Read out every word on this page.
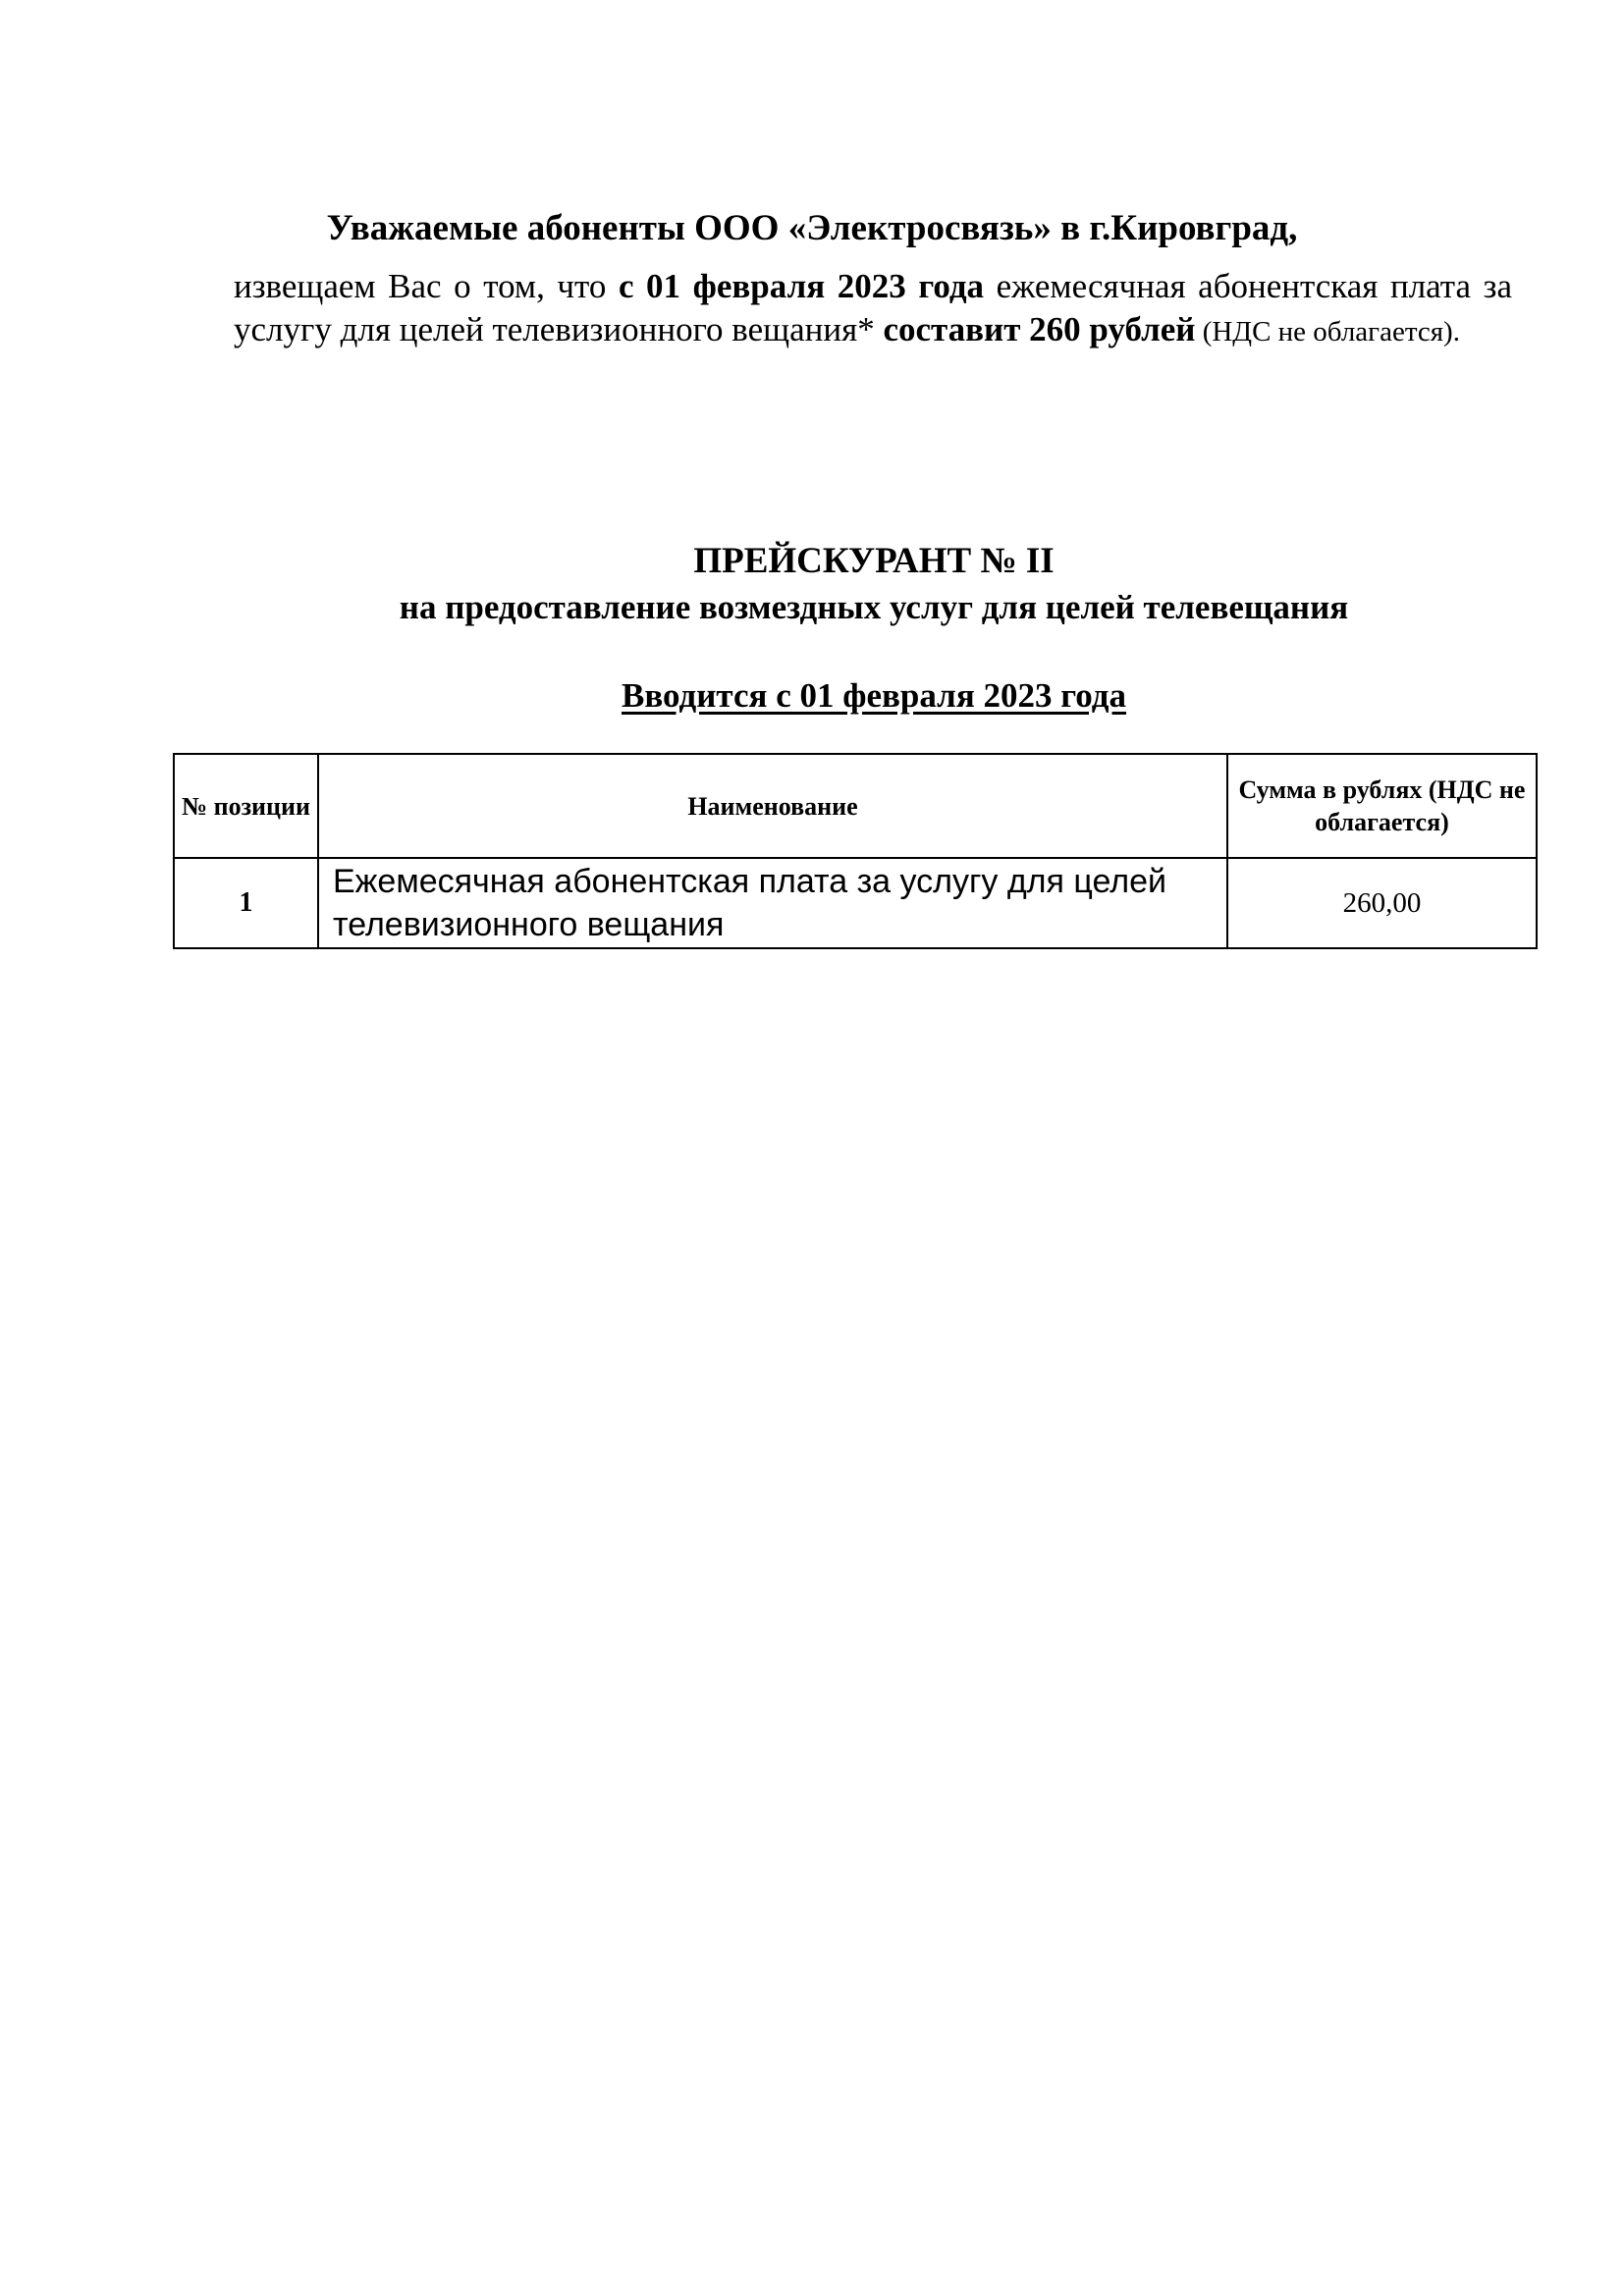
Уважаемые абоненты ООО «Электросвязь» в г.Кировград,
извещаем Вас о том, что с 01 февраля 2023 года ежемесячная абонентская плата за услугу для целей телевизионного вещания* составит 260 рублей (НДС не облагается).
ПРЕЙСКУРАНТ № II
на предоставление возмездных услуг для целей телевещания
Вводится с 01 февраля 2023 года
№ позиции	Наименование	Сумма в рублях (НДС не облагается)
1	Ежемесячная абонентская плата за услугу для целей телевизионного вещания	260,00
